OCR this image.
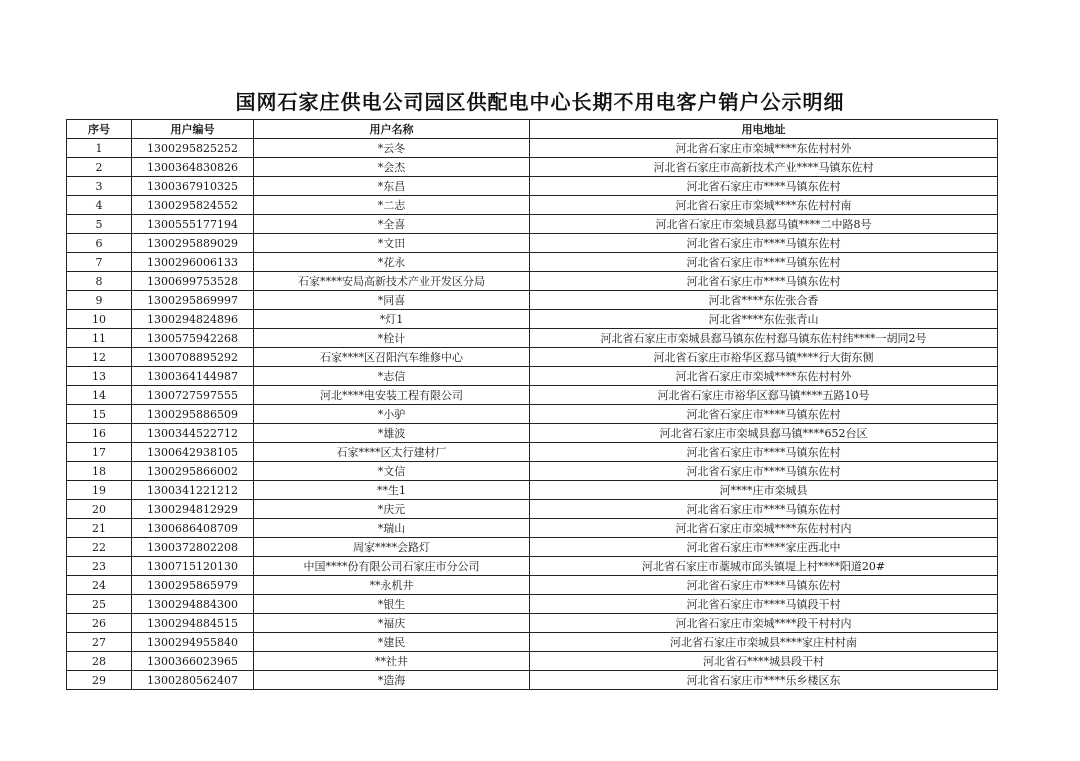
国网石家庄供电公司园区供配电中心长期不用电客户销户公示明细
序号	用户编号	用户名称	用电地址
1	1300295825252	*云冬	河北省石家庄市栾城****东佐村村外
2	1300364830826	*会杰	河北省石家庄市高新技术产业****马镇东佐村
3	1300367910325	*东昌	河北省石家庄市****马镇东佐村
4	1300295824552	*二志	河北省石家庄市栾城****东佐村村南
5	1300555177194	*全喜	河北省石家庄市栾城县郄马镇****二中路8号
6	1300295889029	*文田	河北省石家庄市****马镇东佐村
7	1300296006133	*花永	河北省石家庄市****马镇东佐村
8	1300699753528	石家****安局高新技术产业开发区分局	河北省石家庄市****马镇东佐村
9	1300295869997	*同喜	河北省****东佐张合香
10	1300294824896	*灯1	河北省****东佐张青山
11	1300575942268	*栓计	河北省石家庄市栾城县郄马镇东佐村郄马镇东佐村纬****一胡同2号
12	1300708895292	石家****区召阳汽车维修中心	河北省石家庄市裕华区郄马镇****行大街东侧
13	1300364144987	*志信	河北省石家庄市栾城****东佐村村外
14	1300727597555	河北****电安装工程有限公司	河北省石家庄市裕华区郄马镇****五路10号
15	1300295886509	*小驴	河北省石家庄市****马镇东佐村
16	1300344522712	*雄波	河北省石家庄市栾城县郄马镇****652台区
17	1300642938105	石家****区太行建材厂	河北省石家庄市****马镇东佐村
18	1300295866002	*文信	河北省石家庄市****马镇东佐村
19	1300341221212	**生1	河****庄市栾城县
20	1300294812929	*庆元	河北省石家庄市****马镇东佐村
21	1300686408709	*瑞山	河北省石家庄市栾城****东佐村村内
22	1300372802208	周家****会路灯	河北省石家庄市****家庄西北中
23	1300715120130	中国****份有限公司石家庄市分公司	河北省石家庄市藁城市邱头镇堤上村****阳道20#
24	1300295865979	**永机井	河北省石家庄市****马镇东佐村
25	1300294884300	*银生	河北省石家庄市****马镇段干村
26	1300294884515	*福庆	河北省石家庄市栾城****段干村村内
27	1300294955840	*建民	河北省石家庄市栾城县****家庄村村南
28	1300366023965	**社井	河北省石****城县段干村
29	1300280562407	*造海	河北省石家庄市****乐乡楼区东
